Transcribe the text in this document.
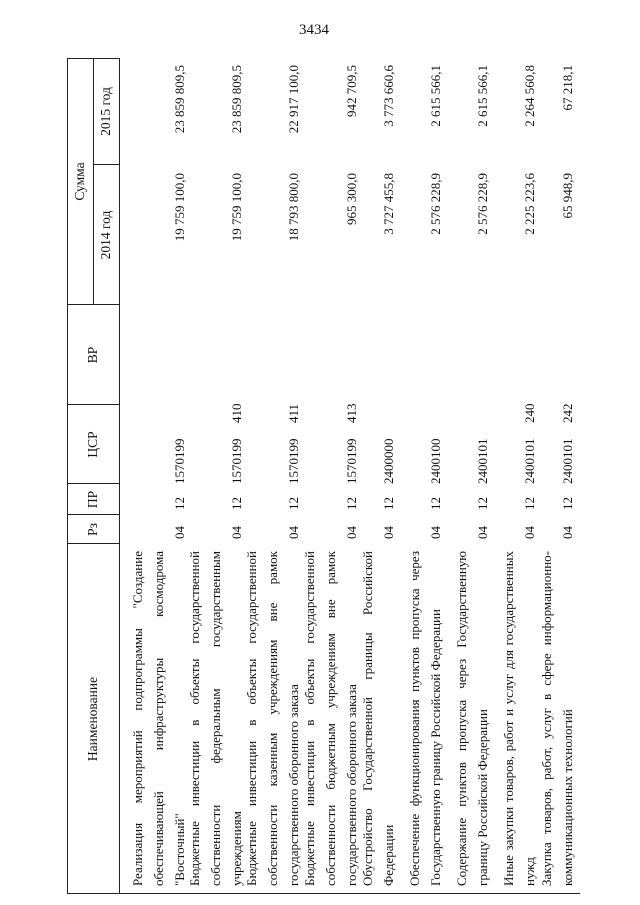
3434
Наименование
Рз
ПР
ЦСР
ВР
Сумма
2014 год
2015 год
Реализация мероприятий подпрограммы "Создание обеспечивающей инфраструктуры космодрома "Восточный"
04
12
1570199
19 759 100,0
23 859 809,5
Бюджетные инвестиции в объекты государственной собственности федеральным государственным учреждениям
04
12
1570199
410
19 759 100,0
23 859 809,5
Бюджетные инвестиции в объекты государственной собственности казенным учреждениям вне рамок государственного оборонного заказа
04
12
1570199
411
18 793 800,0
22 917 100,0
Бюджетные инвестиции в объекты государственной собственности бюджетным учреждениям вне рамок государственного оборонного заказа
04
12
1570199
413
965 300,0
942 709,5
Обустройство Государственной границы Российской Федерации
04
12
2400000
3 727 455,8
3 773 660,6
Обеспечение функционирования пунктов пропуска через Государственную границу Российской Федерации
04
12
2400100
2 576 228,9
2 615 566,1
Содержание пунктов пропуска через Государственную границу Российской Федерации
04
12
2400101
2 576 228,9
2 615 566,1
Иные закупки товаров, работ и услуг для государственных нужд
04
12
2400101
240
2 225 223,6
2 264 560,8
Закупка товаров, работ, услуг в сфере информационно-коммуникационных технологий
04
12
2400101
242
65 948,9
67 218,1
